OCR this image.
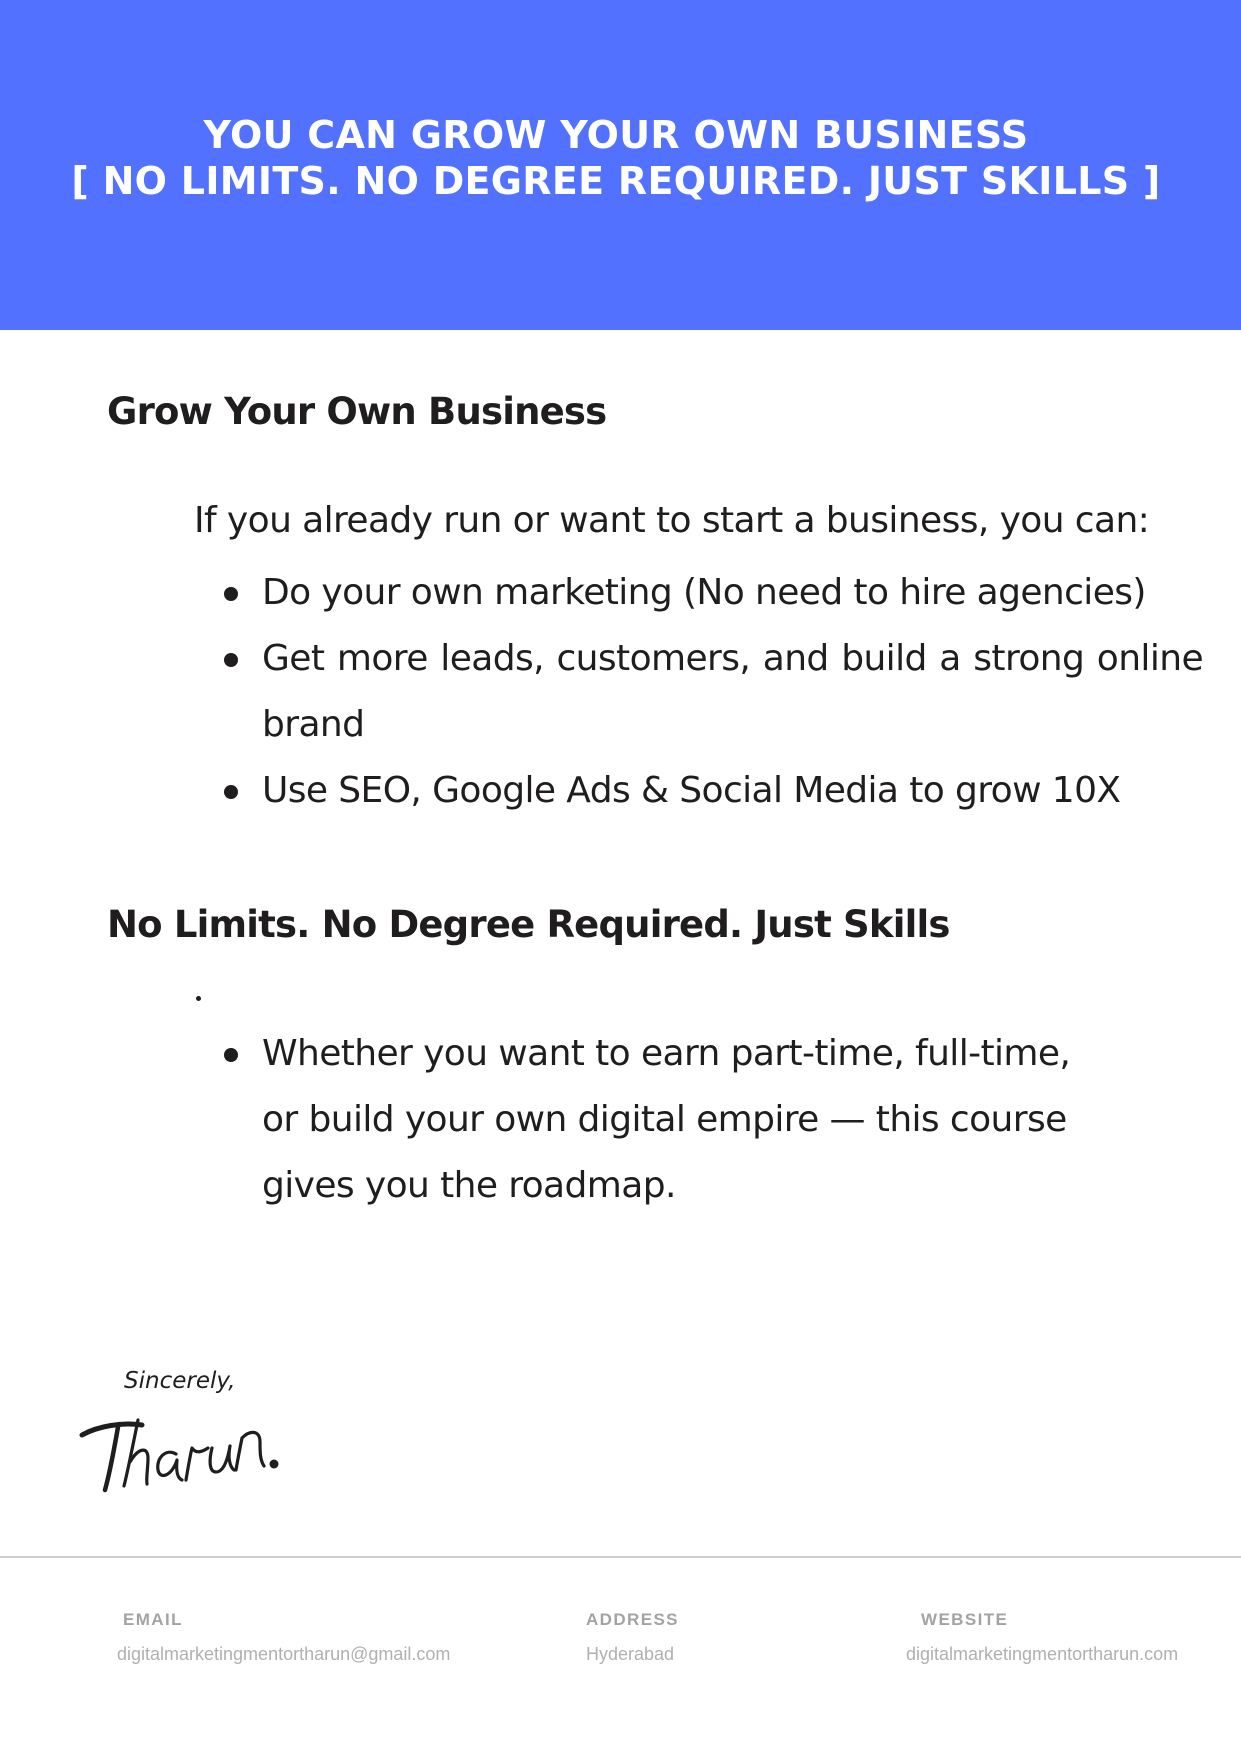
YOU CAN GROW YOUR OWN BUSINESS
[ NO LIMITS. NO DEGREE REQUIRED. JUST SKILLS ]
Grow Your Own Business

If you already run or want to start a business, you can:

Do your own marketing (No need to hire agencies)
Get more leads, customers, and build a strong online brand
Use SEO, Google Ads & Social Media to grow 10X
No Limits. No Degree Required. Just Skills
Whether you want to earn part-time, full-time,
or build your own digital empire — this course
gives you the roadmap.

Sincerely,

EMAIL

digitalmarketingmentortharun@gmail.com

ADDRESS

Hyderabad

WEBSITE

digitalmarketingmentortharun.com
